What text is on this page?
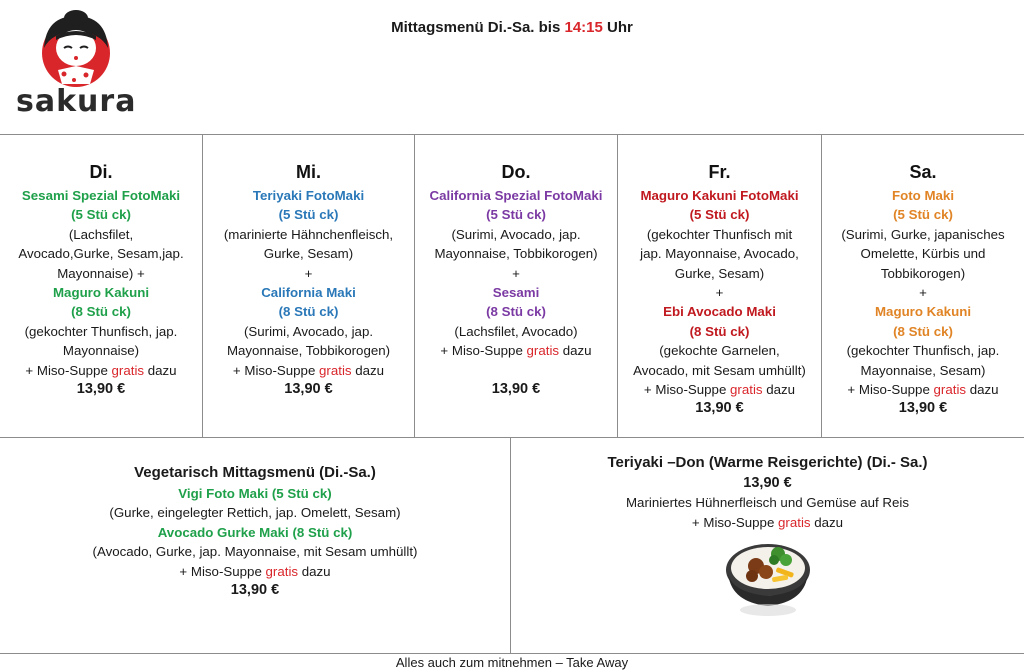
sakura
Mittagsmenü Di.-Sa. bis 14:15 Uhr
Di.
Sesami Spezial FotoMaki
(5 Stü ck)
(Lachsfilet,
Avocado,Gurke, Sesam,jap.
Mayonnaise) +
Maguro Kakuni
(8 Stü ck)
(gekochter Thunfisch, jap.
Mayonnaise)
+ Miso-Suppe gratis dazu
13,90 €
Mi.
Teriyaki FotoMaki
(5 Stü ck)
(marinierte Hähnchenfleisch,
Gurke, Sesam)
+
California Maki
(8 Stü ck)
(Surimi, Avocado, jap.
Mayonnaise, Tobbikorogen)
+ Miso-Suppe gratis dazu
13,90 €
Do.
California Spezial FotoMaki
(5 Stü ck)
(Surimi, Avocado, jap.
Mayonnaise, Tobbikorogen)
+
Sesami
(8 Stü ck)
(Lachsfilet, Avocado)
+ Miso-Suppe gratis dazu

13,90 €
Fr.
Maguro Kakuni FotoMaki
(5 Stü ck)
(gekochter Thunfisch mit
jap. Mayonnaise, Avocado,
Gurke, Sesam)
+
Ebi Avocado Maki
(8 Stü ck)
(gekochte Garnelen,
Avocado, mit Sesam umhüllt)
+ Miso-Suppe gratis dazu
13,90 €
Sa.
Foto Maki
(5 Stü ck)
(Surimi, Gurke, japanisches
Omelette, Kürbis und
Tobbikorogen)
+
Maguro Kakuni
(8 Stü ck)
(gekochter Thunfisch, jap.
Mayonnaise, Sesam)
+ Miso-Suppe gratis dazu
13,90 €
Vegetarisch Mittagsmenü (Di.-Sa.)
Vigi Foto Maki (5 Stü ck)
(Gurke, eingelegter Rettich, jap. Omelett, Sesam)
Avocado Gurke Maki (8 Stü ck)
(Avocado, Gurke, jap. Mayonnaise, mit Sesam umhüllt)
+ Miso-Suppe gratis dazu
13,90 €
Teriyaki –Don (Warme Reisgerichte) (Di.- Sa.)
13,90 €
Mariniertes Hühnerfleisch und Gemüse auf Reis
+ Miso-Suppe gratis dazu
Alles auch zum mitnehmen – Take Away
